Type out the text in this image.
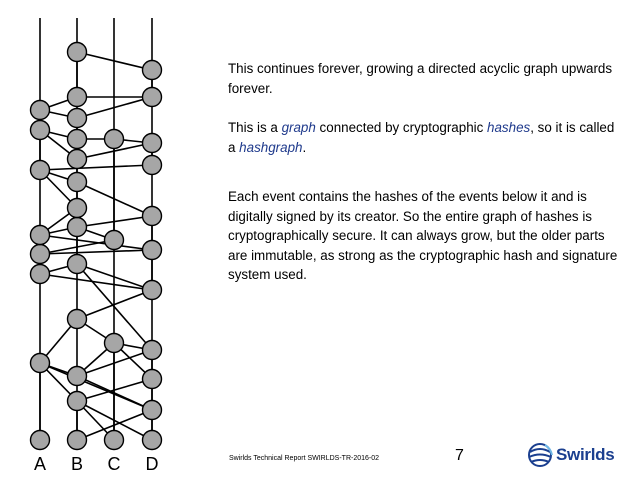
A B C D

This continues forever, growing a directed acyclic graph upwards forever.

This is a graph connected by cryptographic hashes, so it is called a hashgraph.

Each event contains the hashes of the events below it and is digitally signed by its creator. So the entire graph of hashes is cryptographically secure. It can always grow, but the older parts are immutable, as strong as the cryptographic hash and signature system used.

Swirlds Technical Report SWIRLDS-TR-2016-02	7	Swirlds
